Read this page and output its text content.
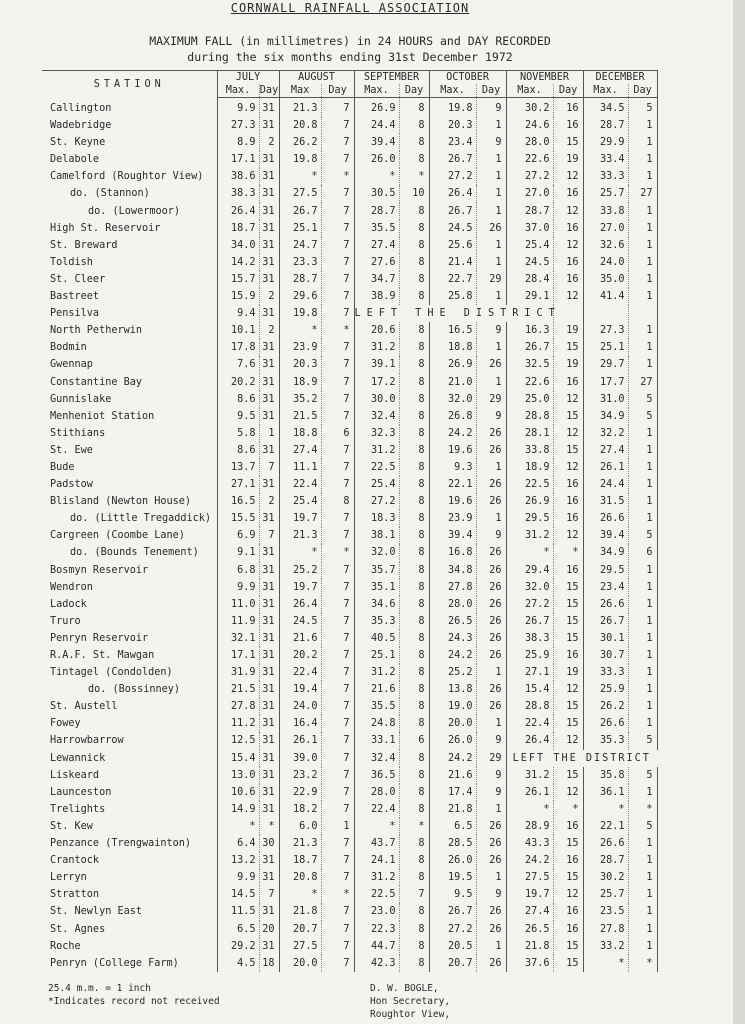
CORNWALL RAINFALL ASSOCIATION
MAXIMUM FALL (in millimetres) in 24 HOURS and DAY RECORDED
during the six months ending 31st December 1972
STATION	JULY		AUGUST		SEPTEMBER		OCTOBER		NOVEMBER		DECEMBER	
	Max.	Day	Max	Day	Max.	Day	Max.	Day	Max.	Day	Max.	Day
Callington	9.9	31	21.3	7	26.9	8	19.8	9	30.2	16	34.5	5
Wadebridge	27.3	31	20.8	7	24.4	8	20.3	1	24.6	16	28.7	1
St. Keyne	8.9	2	26.2	7	39.4	8	23.4	9	28.0	15	29.9	1
Delabole	17.1	31	19.8	7	26.0	8	26.7	1	22.6	19	33.4	1
Camelford (Roughtor View)	38.6	31	*	*	*	*	27.2	1	27.2	12	33.3	1
do. (Stannon)	38.3	31	27.5	7	30.5	10	26.4	1	27.0	16	25.7	27
do. (Lowermoor)	26.4	31	26.7	7	28.7	8	26.7	1	28.7	12	33.8	1
High St. Reservoir	18.7	31	25.1	7	35.5	8	24.5	26	37.0	16	27.0	1
St. Breward	34.0	31	24.7	7	27.4	8	25.6	1	25.4	12	32.6	1
Toldish	14.2	31	23.3	7	27.6	8	21.4	1	24.5	16	24.0	1
St. Cleer	15.7	31	28.7	7	34.7	8	22.7	29	28.4	16	35.0	1
Bastreet	15.9	2	29.6	7	38.9	8	25.8	1	29.1	12	41.4	1
Pensilva	9.4	31	19.8	7	LEFT THE DISTRICT							
North Petherwin	10.1	2	*	*	20.6	8	16.5	9	16.3	19	27.3	1
Bodmin	17.8	31	23.9	7	31.2	8	18.8	1	26.7	15	25.1	1
Gwennap	7.6	31	20.3	7	39.1	8	26.9	26	32.5	19	29.7	1
Constantine Bay	20.2	31	18.9	7	17.2	8	21.0	1	22.6	16	17.7	27
Gunnislake	8.6	31	35.2	7	30.0	8	32.0	29	25.0	12	31.0	5
Menheniot Station	9.5	31	21.5	7	32.4	8	26.8	9	28.8	15	34.9	5
Stithians	5.8	1	18.8	6	32.3	8	24.2	26	28.1	12	32.2	1
St. Ewe	8.6	31	27.4	7	31.2	8	19.6	26	33.8	15	27.4	1
Bude	13.7	7	11.1	7	22.5	8	9.3	1	18.9	12	26.1	1
Padstow	27.1	31	22.4	7	25.4	8	22.1	26	22.5	16	24.4	1
Blisland (Newton House)	16.5	2	25.4	8	27.2	8	19.6	26	26.9	16	31.5	1
do. (Little Tregaddick)	15.5	31	19.7	7	18.3	8	23.9	1	29.5	16	26.6	1
Cargreen (Coombe Lane)	6.9	7	21.3	7	38.1	8	39.4	9	31.2	12	39.4	5
do. (Bounds Tenement)	9.1	31	*	*	32.0	8	16.8	26	*	*	34.9	6
Bosmyn Reservoir	6.8	31	25.2	7	35.7	8	34.8	26	29.4	16	29.5	1
Wendron	9.9	31	19.7	7	35.1	8	27.8	26	32.0	15	23.4	1
Ladock	11.0	31	26.4	7	34.6	8	28.0	26	27.2	15	26.6	1
Truro	11.9	31	24.5	7	35.3	8	26.5	26	26.7	15	26.7	1
Penryn Reservoir	32.1	31	21.6	7	40.5	8	24.3	26	38.3	15	30.1	1
R.A.F. St. Mawgan	17.1	31	20.2	7	25.1	8	24.2	26	25.9	16	30.7	1
Tintagel (Condolden)	31.9	31	22.4	7	31.2	8	25.2	1	27.1	19	33.3	1
do. (Bossinney)	21.5	31	19.4	7	21.6	8	13.8	26	15.4	12	25.9	1
St. Austell	27.8	31	24.0	7	35.5	8	19.0	26	28.8	15	26.2	1
Fowey	11.2	31	16.4	7	24.8	8	20.0	1	22.4	15	26.6	1
Harrowbarrow	12.5	31	26.1	7	33.1	6	26.0	9	26.4	12	35.3	5
Lewannick	15.4	31	39.0	7	32.4	8	24.2	29	LEFT THE DISTRICT			
Liskeard	13.0	31	23.2	7	36.5	8	21.6	9	31.2	15	35.8	5
Launceston	10.6	31	22.9	7	28.0	8	17.4	9	26.1	12	36.1	1
Trelights	14.9	31	18.2	7	22.4	8	21.8	1	*	*	*	*
St. Kew	*	*	6.0	1	*	*	6.5	26	28.9	16	22.1	5
Penzance (Trengwainton)	6.4	30	21.3	7	43.7	8	28.5	26	43.3	15	26.6	1
Crantock	13.2	31	18.7	7	24.1	8	26.0	26	24.2	16	28.7	1
Lerryn	9.9	31	20.8	7	31.2	8	19.5	1	27.5	15	30.2	1
Stratton	14.5	7	*	*	22.5	7	9.5	9	19.7	12	25.7	1
St. Newlyn East	11.5	31	21.8	7	23.0	8	26.7	26	27.4	16	23.5	1
St. Agnes	6.5	20	20.7	7	22.3	8	27.2	26	26.5	16	27.8	1
Roche	29.2	31	27.5	7	44.7	8	20.5	1	21.8	15	33.2	1
Penryn (College Farm)	4.5	18	20.0	7	42.3	8	20.7	26	37.6	15	*	*
25.4 m.m. = 1 inch
*Indicates record not received
D. W. BOGLE,
Hon Secretary,
Roughtor View,
